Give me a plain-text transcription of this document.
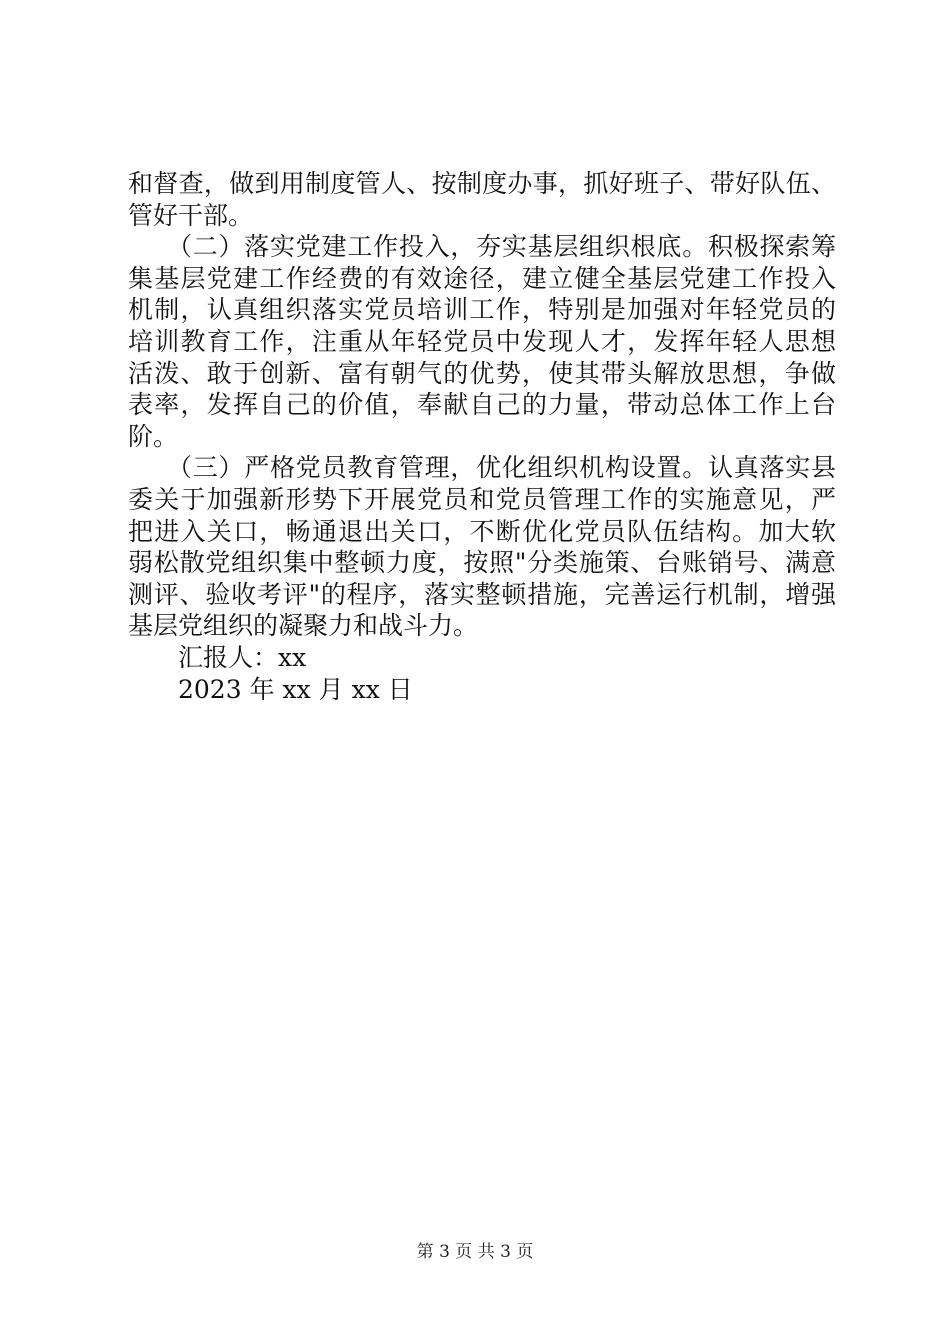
和督查，做到用制度管人、按制度办事，抓好班子、带好队伍、
管好干部。
　　（二）落实党建工作投入，夯实基层组织根底。积极探索筹
集基层党建工作经费的有效途径，建立健全基层党建工作投入
机制，认真组织落实党员培训工作，特别是加强对年轻党员的
培训教育工作，注重从年轻党员中发现人才，发挥年轻人思想
活泼、敢于创新、富有朝气的优势，使其带头解放思想，争做
表率，发挥自己的价值，奉献自己的力量，带动总体工作上台
阶。
　　（三）严格党员教育管理，优化组织机构设置。认真落实县
委关于加强新形势下开展党员和党员管理工作的实施意见，严
把进入关口，畅通退出关口，不断优化党员队伍结构。加大软
弱松散党组织集中整顿力度，按照"分类施策、台账销号、满意
测评、验收考评"的程序，落实整顿措施，完善运行机制，增强
基层党组织的凝聚力和战斗力。
汇报人：xx
2023 年 xx 月 xx 日
第 3 页 共 3 页
